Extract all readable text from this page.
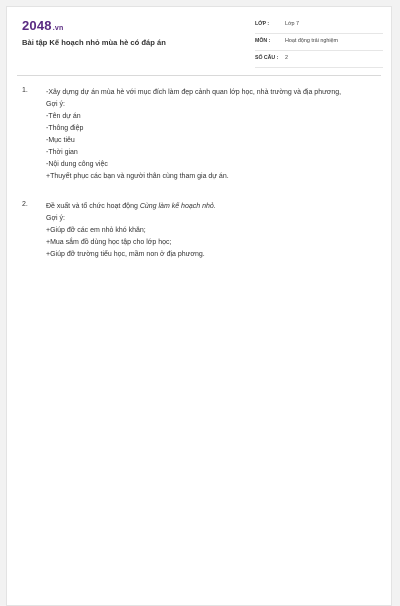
2048.vn
Bài tập Kế hoạch nhỏ mùa hè có đáp án
LỚP :	Lớp 7
MÔN :	Hoạt động trải nghiệm
SỐ CÂU : 2
1.	-Xây dựng dự án mùa hè với mục đích làm đẹp cảnh quan lớp học, nhà trường và địa phương,
Gợi ý:
-Tên dự án
-Thông điệp
-Mục tiêu
-Thời gian
-Nội dung công việc
+Thuyết phục các bạn và người thân cùng tham gia dự án.
2.	Đề xuất và tổ chức hoạt động Cùng làm kế hoạch nhỏ.
Gợi ý:
+Giúp đỡ các em nhỏ khó khăn;
+Mua sắm đồ dùng học tập cho lớp học;
+Giúp đỡ trường tiểu học, mầm non ở địa phương.
